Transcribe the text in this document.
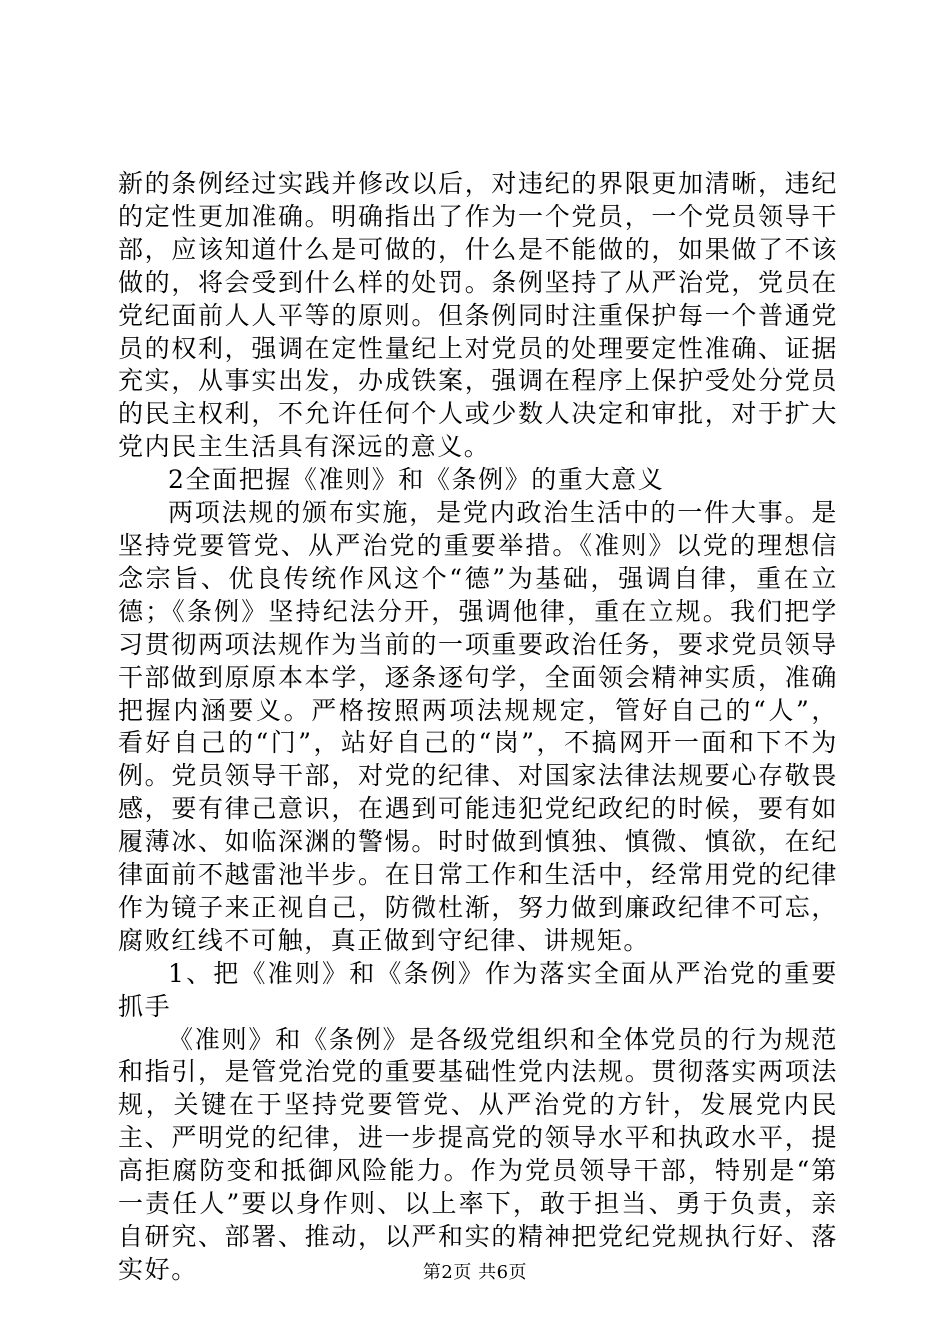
新的条例经过实践并修改以后，对违纪的界限更加清晰，违纪的定性更加准确。明确指出了作为一个党员，一个党员领导干部，应该知道什么是可做的，什么是不能做的，如果做了不该做的，将会受到什么样的处罚。条例坚持了从严治党，党员在党纪面前人人平等的原则。但条例同时注重保护每一个普通党员的权利，强调在定性量纪上对党员的处理要定性准确、证据充实，从事实出发，办成铁案，强调在程序上保护受处分党员的民主权利，不允许任何个人或少数人决定和审批，对于扩大党内民主生活具有深远的意义。

2全面把握《准则》和《条例》的重大意义

两项法规的颁布实施，是党内政治生活中的一件大事。是坚持党要管党、从严治党的重要举措。《准则》以党的理想信念宗旨、优良传统作风这个“德”为基础，强调自律，重在立德；《条例》坚持纪法分开，强调他律，重在立规。我们把学习贯彻两项法规作为当前的一项重要政治任务，要求党员领导干部做到原原本本学，逐条逐句学，全面领会精神实质，准确把握内涵要义。严格按照两项法规规定，管好自己的“人”，看好自己的“门”，站好自己的“岗”，不搞网开一面和下不为例。党员领导干部，对党的纪律、对国家法律法规要心存敬畏感，要有律己意识，在遇到可能违犯党纪政纪的时候，要有如履薄冰、如临深渊的警惕。时时做到慎独、慎微、慎欲，在纪律面前不越雷池半步。在日常工作和生活中，经常用党的纪律作为镜子来正视自己，防微杜渐，努力做到廉政纪律不可忘，腐败红线不可触，真正做到守纪律、讲规矩。

1、把《准则》和《条例》作为落实全面从严治党的重要抓手

《准则》和《条例》是各级党组织和全体党员的行为规范和指引，是管党治党的重要基础性党内法规。贯彻落实两项法规，关键在于坚持党要管党、从严治党的方针，发展党内民主、严明党的纪律，进一步提高党的领导水平和执政水平，提高拒腐防变和抵御风险能力。作为党员领导干部，特别是“第一责任人”要以身作则、以上率下，敢于担当、勇于负责，亲自研究、部署、推动，以严和实的精神把党纪党规执行好、落实好。	第2页 共6页
